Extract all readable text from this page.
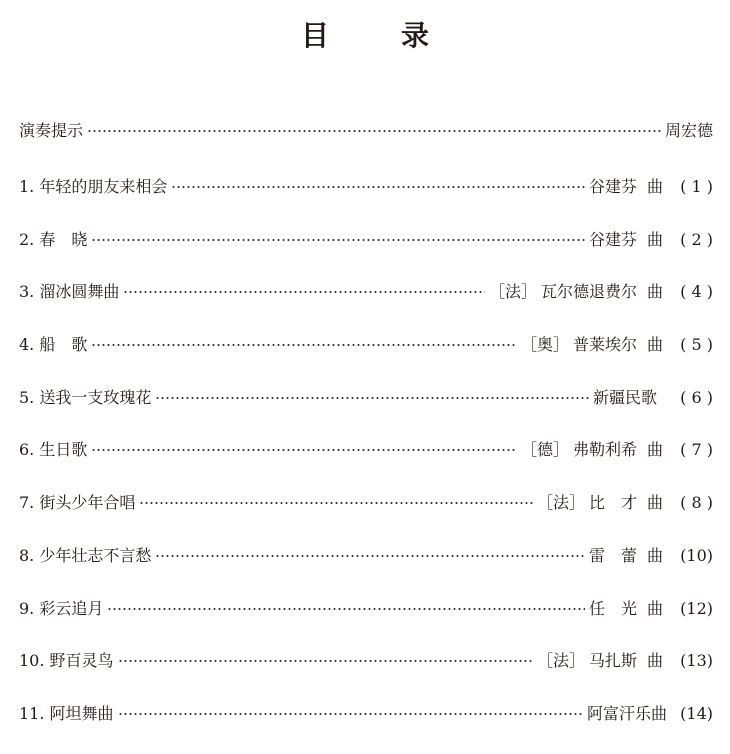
目　录
演奏提示	周宏德
1. 年轻的朋友来相会	谷建芬 曲	( 1 )
2. 春　晓	谷建芬 曲	( 2 )
3. 溜冰圆舞曲	［法］ 瓦尔德退费尔 曲	( 4 )
4. 船　歌	［奥］ 普莱埃尔 曲	( 5 )
5. 送我一支玫瑰花	新疆民歌	( 6 )
6. 生日歌	［德］ 弗勒利希 曲	( 7 )
7. 街头少年合唱	［法］ 比　才 曲	( 8 )
8. 少年壮志不言愁	雷　蕾 曲	(10)
9. 彩云追月	任　光 曲	(12)
10. 野百灵鸟	［法］ 马扎斯 曲	(13)
11. 阿坦舞曲	阿富汗乐曲 (14)
